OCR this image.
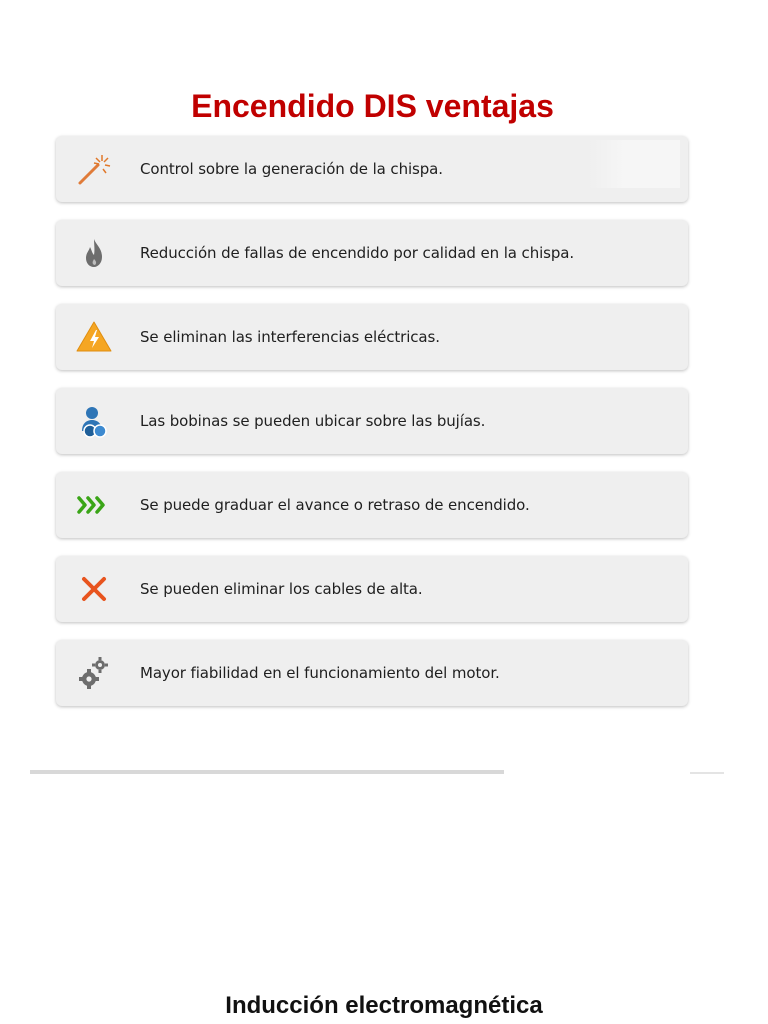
Encendido DIS ventajas
Control sobre la generación de la chispa.
Reducción de fallas de encendido por calidad en la chispa.
Se eliminan las interferencias eléctricas.
Las bobinas se pueden ubicar sobre las bujías.
Se puede graduar el avance o retraso de encendido.
Se pueden eliminar los cables de alta.
Mayor fiabilidad en el funcionamiento del motor.
Inducción electromagnética
